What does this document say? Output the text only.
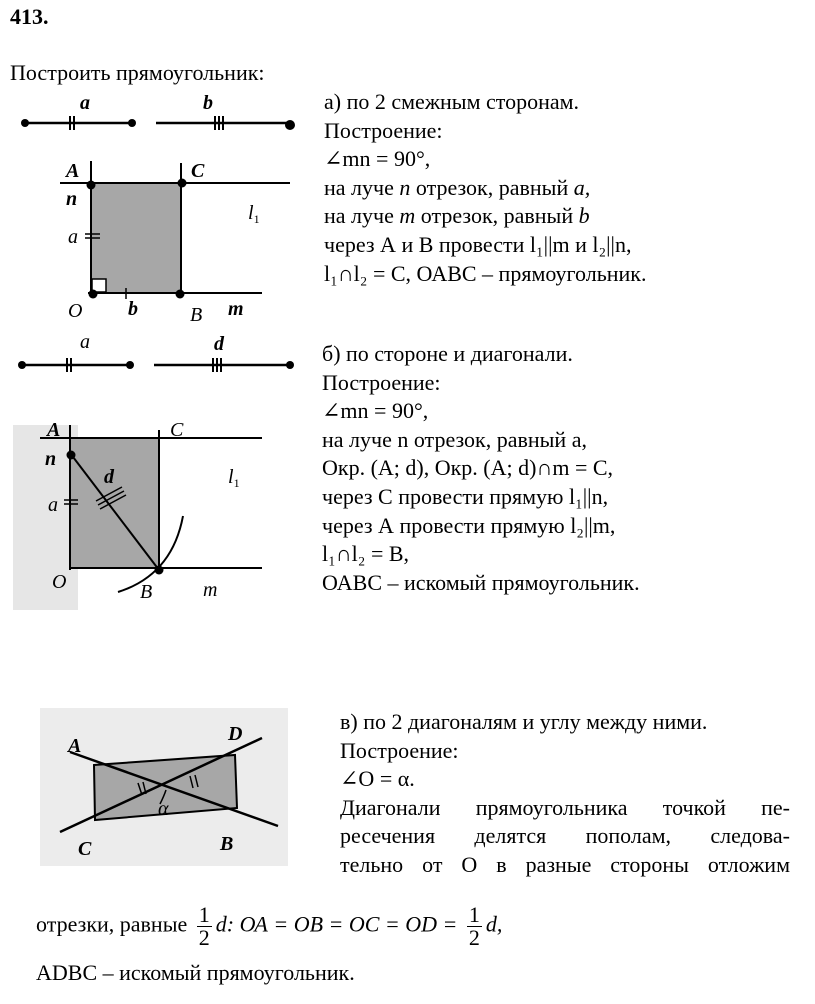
413.
Построить прямоугольник:
а) по 2 смежным сторонам.
Построение:
∠mn = 90°,
на луче n отрезок, равный a,
на луче m отрезок, равный b
через А и В провести l₁||m и l₂||n,
l₁∩l₂ = С, ОАВС – прямоугольник.
б) по стороне и диагонали.
Построение:
∠mn = 90°,
на луче n отрезок, равный a,
Окр. (А; d), Окр. (А; d)∩m = С,
через С провести прямую l₁||n,
через А провести прямую l₂||m,
l₁∩l₂ = В,
ОАВС – искомый прямоугольник.
в) по 2 диагоналям и углу между ними.
Построение:
∠O = α.
Диагонали прямоугольника точкой пе-
ресечения делятся пополам, следова-
тельно от О в разные стороны отложим
отрезки, равные $\frac{1}{2} d$: ОА = ОВ = ОС = ОD = $\frac{1}{2} d$,
ADBC – искомый прямоугольник.
a	b
A	C
n
$l_1$
a
O b	B m
a	d
A	C
n
d	$l_1$
a
O	B	m
A
D
C	B
α
